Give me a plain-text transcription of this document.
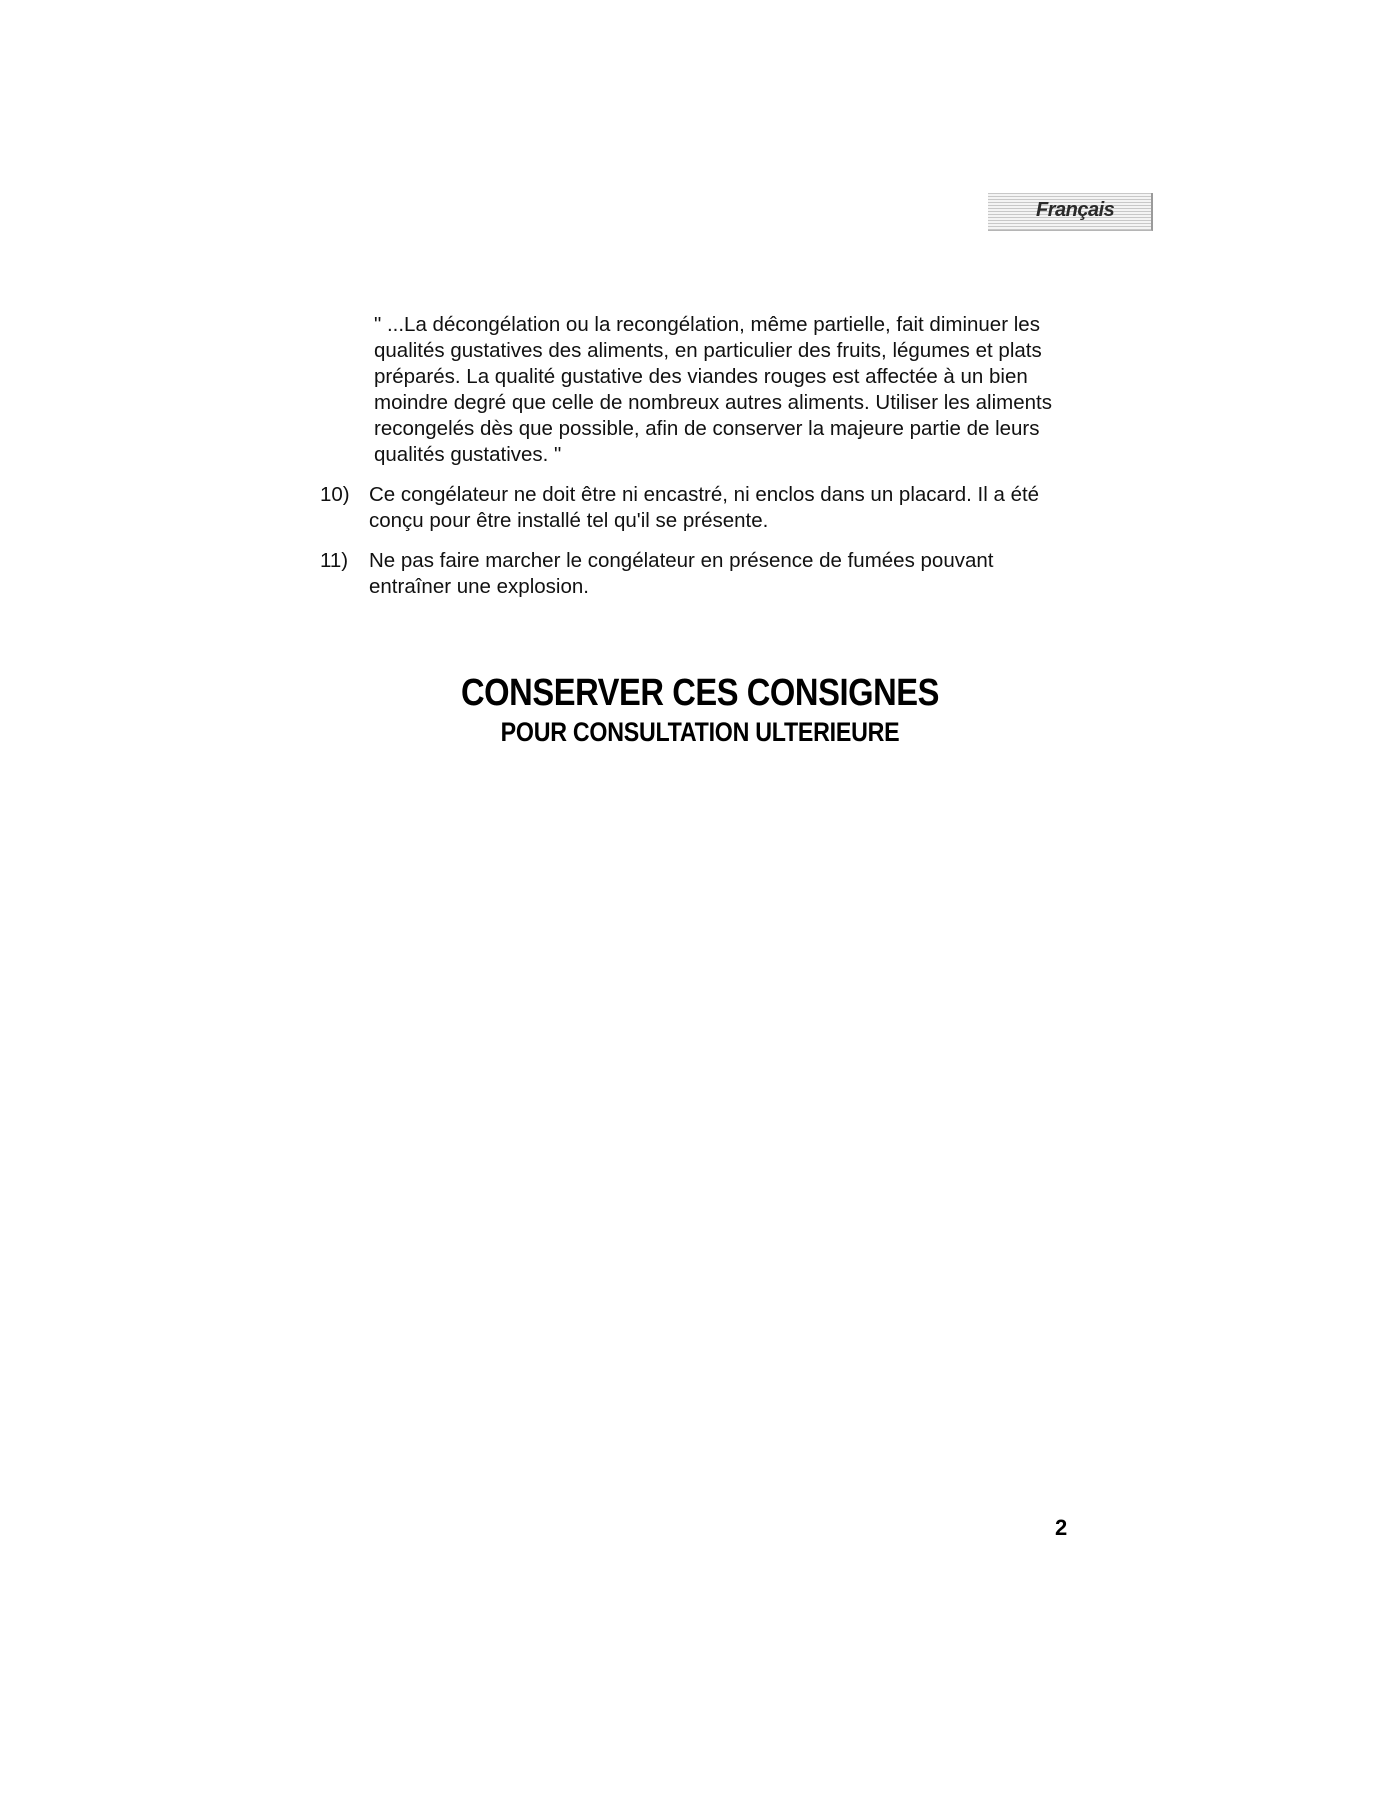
Français

" ...La décongélation ou la recongélation, même partielle, fait diminuer les qualités gustatives des aliments, en particulier des fruits, légumes et plats préparés. La qualité gustative des viandes rouges est affectée à un bien moindre degré que celle de nombreux autres aliments. Utiliser les aliments recongelés dès que possible, afin de conserver la majeure partie de leurs qualités gustatives. "

10) Ce congélateur ne doit être ni encastré, ni enclos dans un placard. Il a été conçu pour être installé tel qu'il se présente.
11)	Ne pas faire marcher le congélateur en présence de fumées pouvant entraîner une explosion.
CONSERVER CES CONSIGNES
POUR CONSULTATION ULTERIEURE
2
